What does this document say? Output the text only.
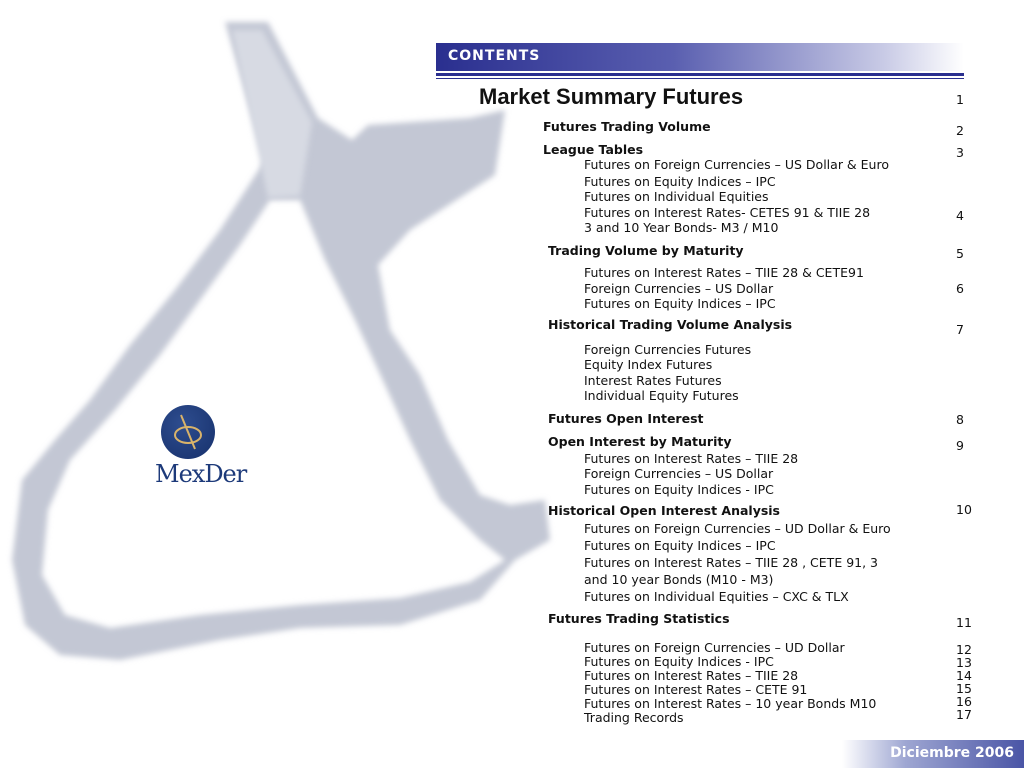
MexDer
CONTENTS
Market Summary Futures	1
Futures Trading Volume
League Tables
Trading Volume by Maturity
Historical Trading Volume Analysis
Futures Open Interest
Open Interest by Maturity
Historical Open Interest Analysis
Futures Trading Statistics
Futures on Foreign Currencies – US Dollar & Euro
Futures on Equity Indices – IPC
Futures on Individual Equities
Futures on Interest Rates- CETES 91 & TIIE 28
3 and 10 Year Bonds- M3 / M10
Futures on Interest Rates – TIIE 28 & CETE91
Foreign Currencies – US Dollar
Futures on Equity Indices – IPC
Foreign Currencies Futures
Equity Index Futures
Interest Rates Futures
Individual Equity Futures
Futures on Interest Rates – TIIE 28
Foreign Currencies – US Dollar
Futures on Equity Indices - IPC
Futures on Foreign Currencies – UD Dollar & Euro
Futures on Equity Indices – IPC
Futures on Interest Rates – TIIE 28 , CETE 91, 3
and 10 year Bonds (M10 - M3)
Futures on Individual Equities – CXC & TLX
Futures on Foreign Currencies – UD Dollar
Futures on Equity Indices - IPC
Futures on Interest Rates – TIIE 28
Futures on Interest Rates – CETE 91
Futures on Interest Rates – 10 year Bonds M10
Trading Records
2
3
4
5
6
7
8
9
10
11
12
13
14
15
16
17
Diciembre 2006
